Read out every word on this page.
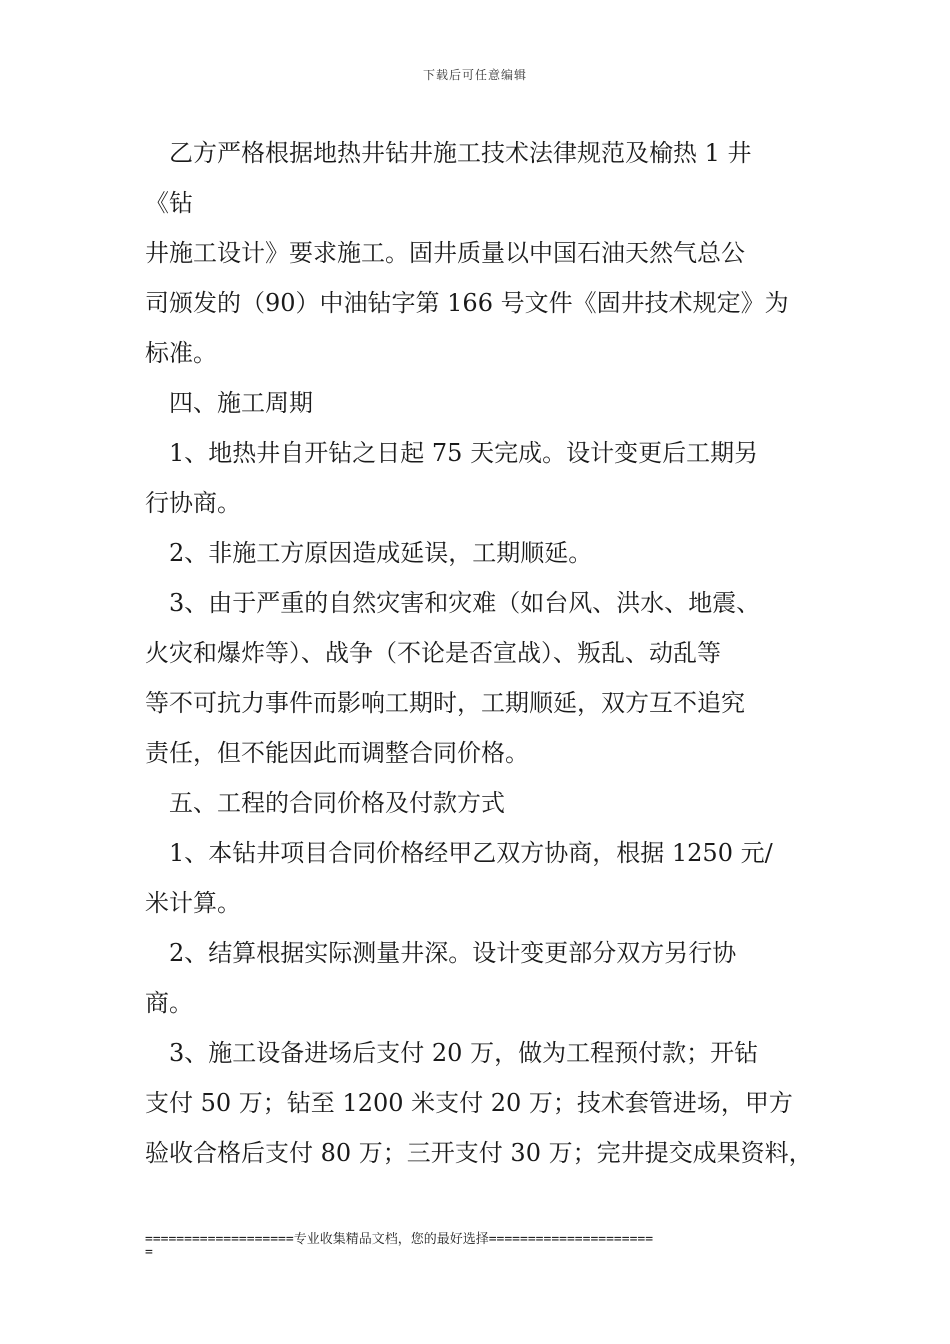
下载后可任意编辑
　乙方严格根据地热井钻井施工技术法律规范及榆热 1 井
《钻
井施工设计》要求施工。固井质量以中国石油天然气总公
司颁发的（90）中油钻字第 166 号文件《固井技术规定》为
标准。
　四、施工周期
　1、地热井自开钻之日起 75 天完成。设计变更后工期另
行协商。
　2、非施工方原因造成延误，工期顺延。
　3、由于严重的自然灾害和灾难（如台风、洪水、地震、
火灾和爆炸等）、战争（不论是否宣战）、叛乱、动乱等
等不可抗力事件而影响工期时，工期顺延，双方互不追究
责任，但不能因此而调整合同价格。
　五、工程的合同价格及付款方式
　1、本钻井项目合同价格经甲乙双方协商，根据 1250 元/
米计算。
　2、结算根据实际测量井深。设计变更部分双方另行协
商。
　3、施工设备进场后支付 20 万，做为工程预付款；开钻
支付 50 万；钻至 1200 米支付 20 万；技术套管进场，甲方
验收合格后支付 80 万；三开支付 30 万；完井提交成果资料，
===================专业收集精品文档，您的最好选择=====================
=
